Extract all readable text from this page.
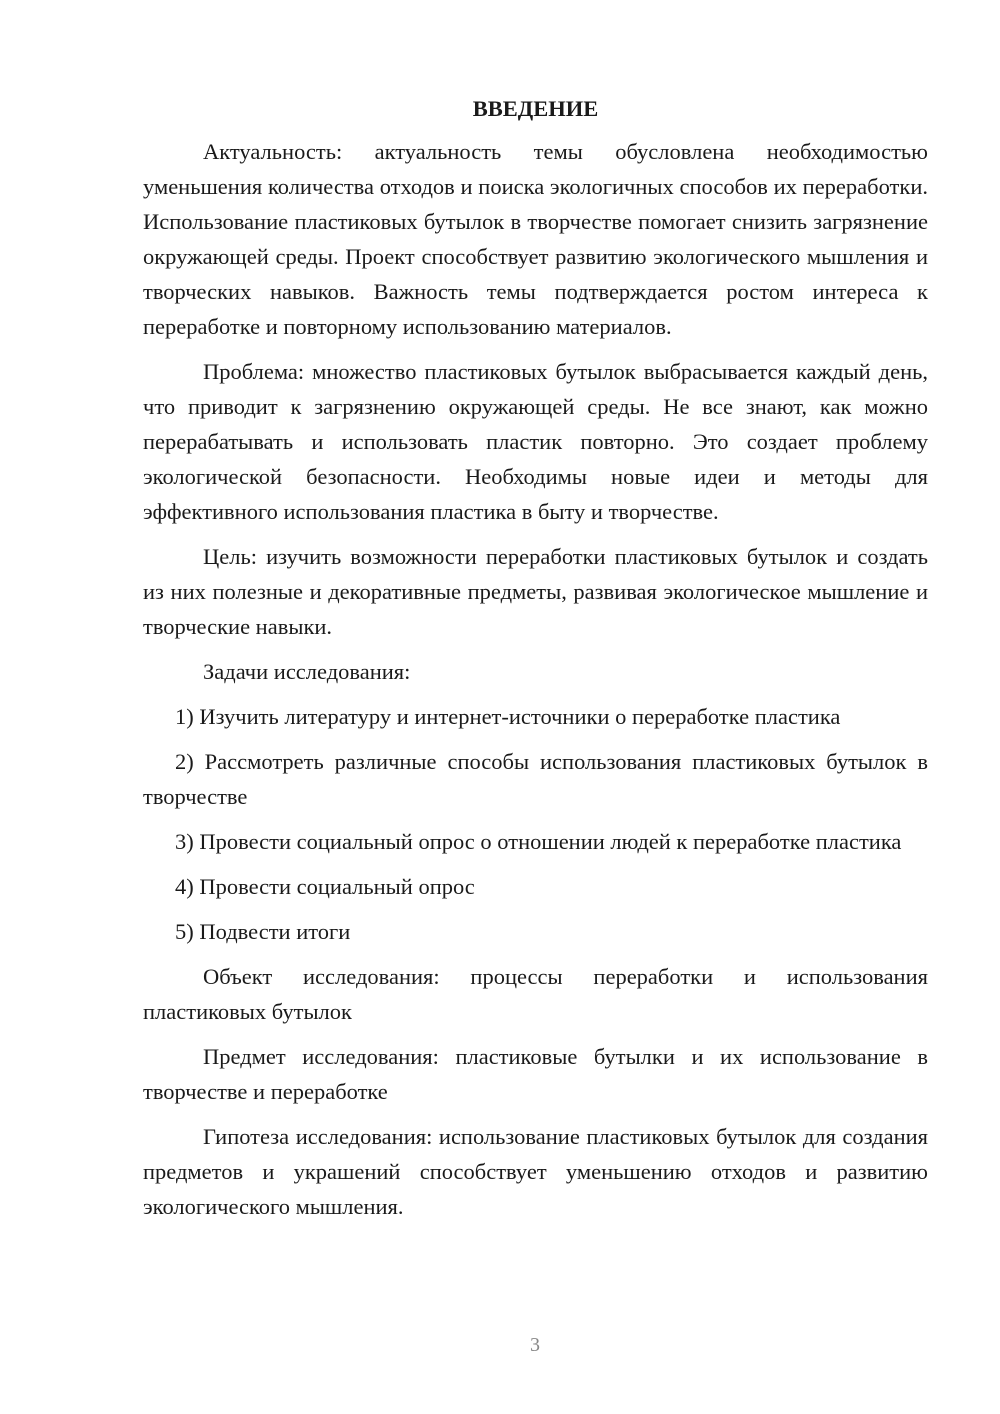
ВВЕДЕНИЕ

Актуальность: актуальность темы обусловлена необходимостью уменьшения количества отходов и поиска экологичных способов их переработки. Использование пластиковых бутылок в творчестве помогает снизить загрязнение окружающей среды. Проект способствует развитию экологического мышления и творческих навыков. Важность темы подтверждается ростом интереса к переработке и повторному использованию материалов.

Проблема: множество пластиковых бутылок выбрасывается каждый день, что приводит к загрязнению окружающей среды. Не все знают, как можно перерабатывать и использовать пластик повторно. Это создает проблему экологической безопасности. Необходимы новые идеи и методы для эффективного использования пластика в быту и творчестве.

Цель: изучить возможности переработки пластиковых бутылок и создать из них полезные и декоративные предметы, развивая экологическое мышление и творческие навыки.

Задачи исследования:

1) Изучить литературу и интернет-источники о переработке пластика

2) Рассмотреть различные способы использования пластиковых бутылок в творчестве

3) Провести социальный опрос о отношении людей к переработке пластика

4) Провести социальный опрос

5) Подвести итоги

Объект исследования: процессы переработки и использования пластиковых бутылок

Предмет исследования: пластиковые бутылки и их использование в творчестве и переработке

Гипотеза исследования: использование пластиковых бутылок для создания предметов и украшений способствует уменьшению отходов и развитию экологического мышления.

3
